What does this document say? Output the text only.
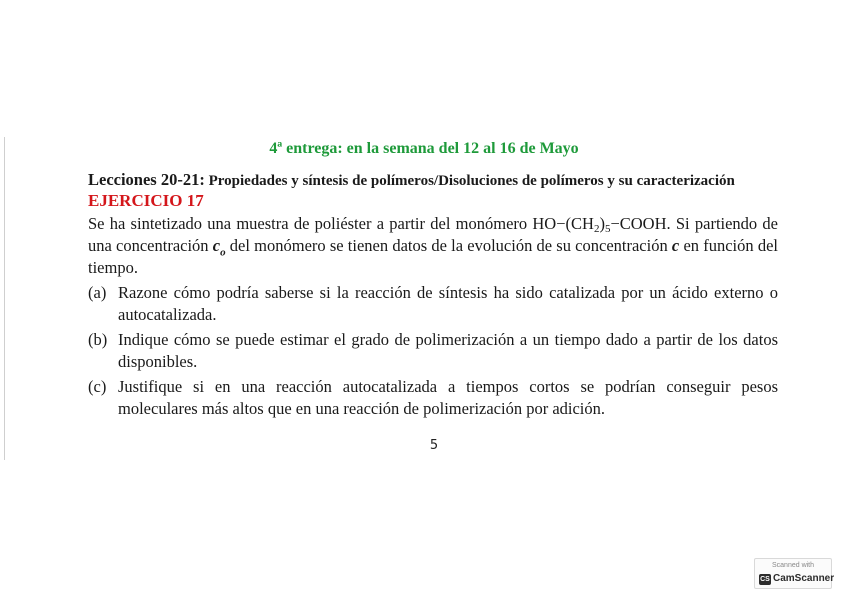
4ª entrega: en la semana del 12 al 16 de Mayo
Lecciones 20-21: Propiedades y síntesis de polímeros/Disoluciones de polímeros y su caracterización
EJERCICIO 17
Se ha sintetizado una muestra de poliéster a partir del monómero $HO-(CH_2)_5-COOH$. Si partiendo de una concentración $c_o$ del monómero se tienen datos de la evolución de su concentración c en función del tiempo.
(a) Razone cómo podría saberse si la reacción de síntesis ha sido catalizada por un ácido externo o autocatalizada.
(b) Indique cómo se puede estimar el grado de polimerización a un tiempo dado a partir de los datos disponibles.
(c) Justifique si en una reacción autocatalizada a tiempos cortos se podrían conseguir pesos moleculares más altos que en una reacción de polimerización por adición.
5
Scanned with
CS CamScanner
